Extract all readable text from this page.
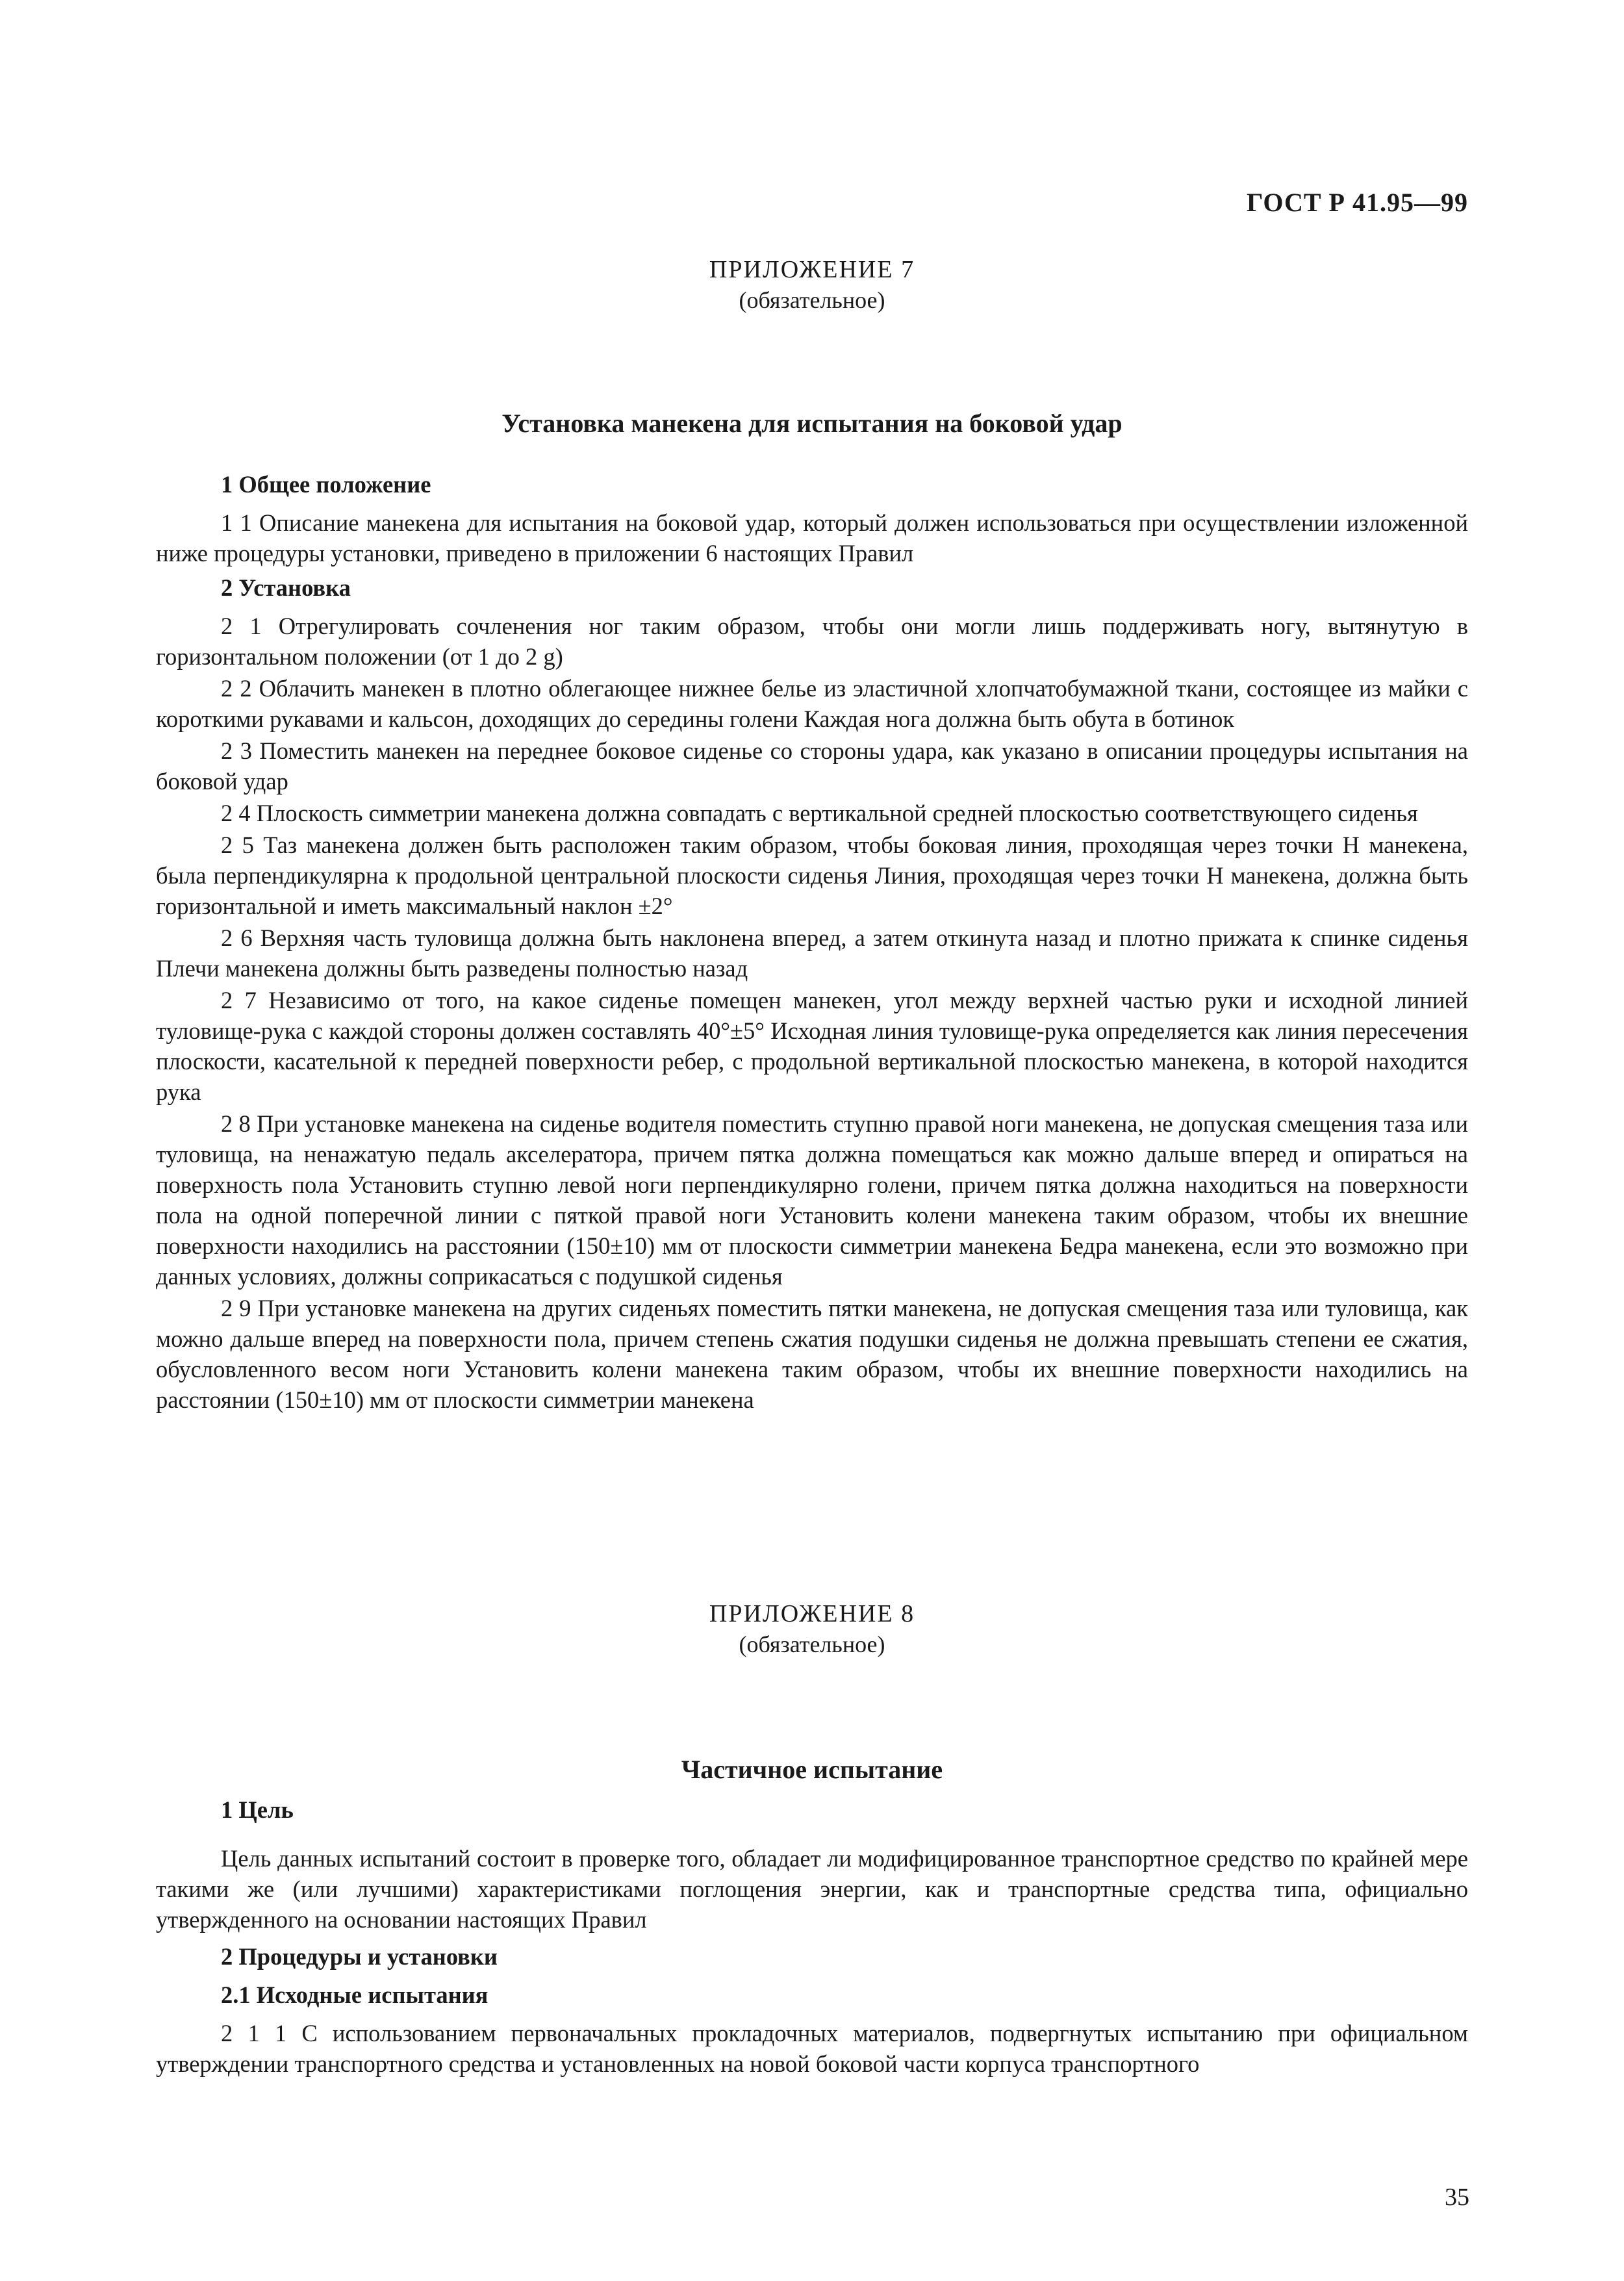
ГОСТ Р 41.95—99
ПРИЛОЖЕНИЕ 7
(обязательное)
Установка манекена для испытания на боковой удар
1 Общее положение
1 1 Описание манекена для испытания на боковой удар, который должен использоваться при осуществлении изложенной ниже процедуры установки, приведено в приложении 6 настоящих Правил
2 Установка
2 1 Отрегулировать сочленения ног таким образом, чтобы они могли лишь поддерживать ногу, вытянутую в горизонтальном положении (от 1 до 2 g)
2 2 Облачить манекен в плотно облегающее нижнее белье из эластичной хлопчатобумажной ткани, состоящее из майки с короткими рукавами и кальсон, доходящих до середины голени Каждая нога должна быть обута в ботинок
2 3 Поместить манекен на переднее боковое сиденье со стороны удара, как указано в описании процедуры испытания на боковой удар
2 4 Плоскость симметрии манекена должна совпадать с вертикальной средней плоскостью соответствующего сиденья
2 5 Таз манекена должен быть расположен таким образом, чтобы боковая линия, проходящая через точки Н манекена, была перпендикулярна к продольной центральной плоскости сиденья Линия, проходящая через точки Н манекена, должна быть горизонтальной и иметь максимальный наклон ±2°
2 6 Верхняя часть туловища должна быть наклонена вперед, а затем откинута назад и плотно прижата к спинке сиденья Плечи манекена должны быть разведены полностью назад
2 7 Независимо от того, на какое сиденье помещен манекен, угол между верхней частью руки и исходной линией туловище-рука с каждой стороны должен составлять 40°±5° Исходная линия туловище-рука определяется как линия пересечения плоскости, касательной к передней поверхности ребер, с продольной вертикальной плоскостью манекена, в которой находится рука
2 8 При установке манекена на сиденье водителя поместить ступню правой ноги манекена, не допуская смещения таза или туловища, на ненажатую педаль акселератора, причем пятка должна помещаться как можно дальше вперед и опираться на поверхность пола Установить ступню левой ноги перпендикулярно голени, причем пятка должна находиться на поверхности пола на одной поперечной линии с пяткой правой ноги Установить колени манекена таким образом, чтобы их внешние поверхности находились на расстоянии (150±10) мм от плоскости симметрии манекена Бедра манекена, если это возможно при данных условиях, должны соприкасаться с подушкой сиденья
2 9 При установке манекена на других сиденьях поместить пятки манекена, не допуская смещения таза или туловища, как можно дальше вперед на поверхности пола, причем степень сжатия подушки сиденья не должна превышать степени ее сжатия, обусловленного весом ноги Установить колени манекена таким образом, чтобы их внешние поверхности находились на расстоянии (150±10) мм от плоскости симметрии манекена
ПРИЛОЖЕНИЕ 8
(обязательное)
Частичное испытание
1 Цель
Цель данных испытаний состоит в проверке того, обладает ли модифицированное транспортное средство по крайней мере такими же (или лучшими) характеристиками поглощения энергии, как и транспортные средства типа, официально утвержденного на основании настоящих Правил
2 Процедуры и установки
2.1 Исходные испытания
2 1 1 С использованием первоначальных прокладочных материалов, подвергнутых испытанию при официальном утверждении транспортного средства и установленных на новой боковой части корпуса транспортного
35
